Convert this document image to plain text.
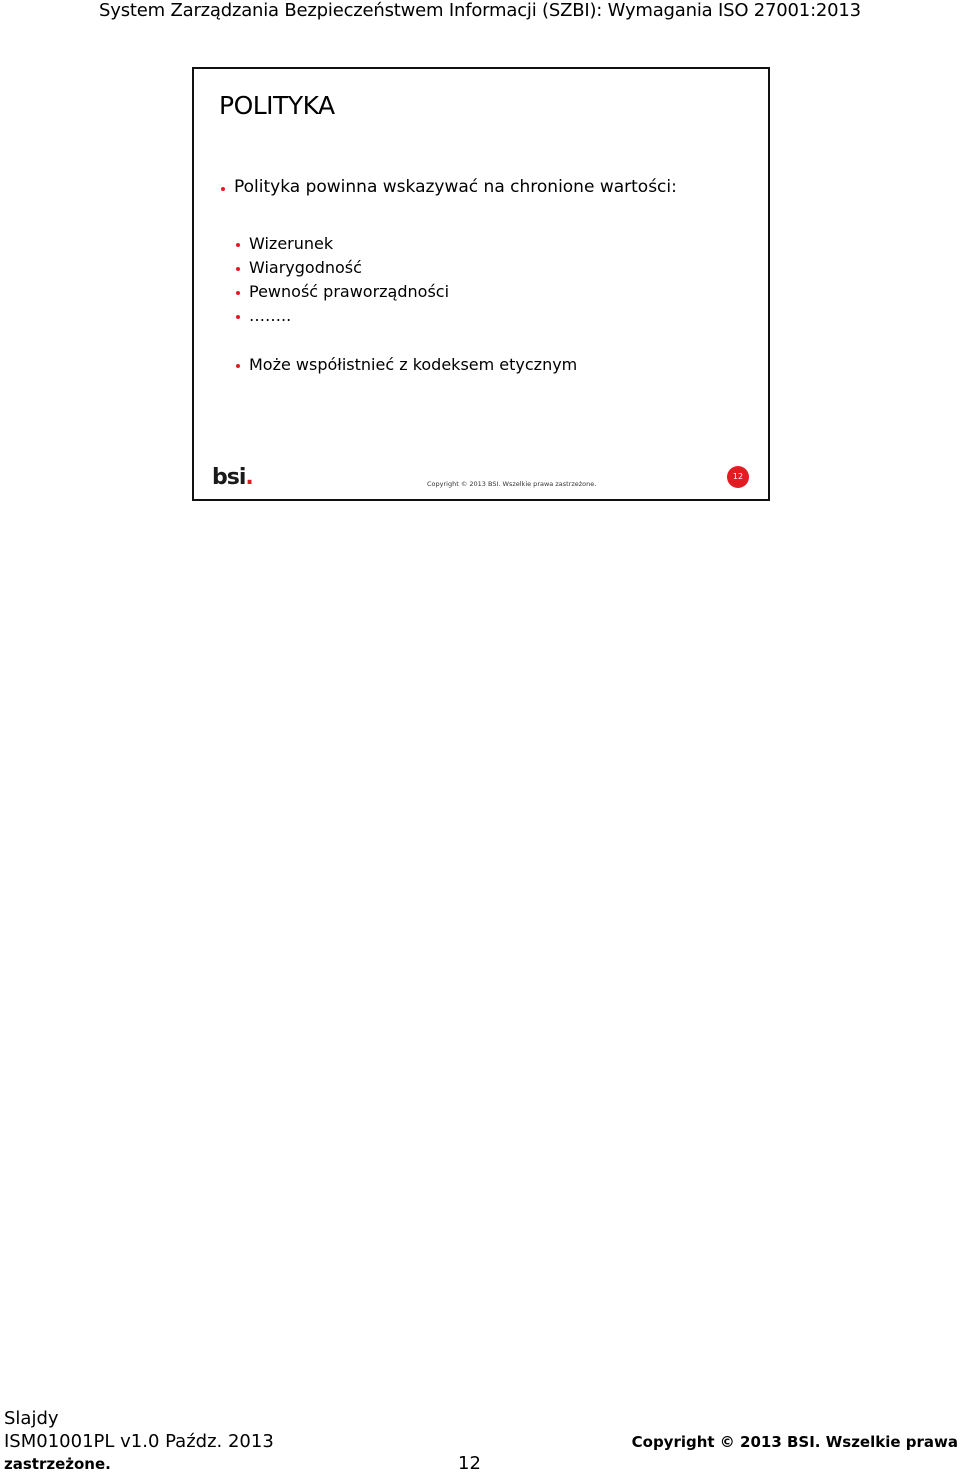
System Zarządzania Bezpieczeństwem Informacji (SZBI): Wymagania ISO 27001:2013
POLITYKA
Polityka powinna wskazywać na chronione wartości:
Wizerunek
Wiarygodność
Pewność praworządności
……..
Może współistnieć z kodeksem etycznym
bsi.	Copyright © 2013 BSI. Wszelkie prawa zastrzeżone.
12
Slajdy
ISM01001PL v1.0 Paźdz. 2013
zastrzeżone.	12
Copyright © 2013 BSI. Wszelkie prawa
